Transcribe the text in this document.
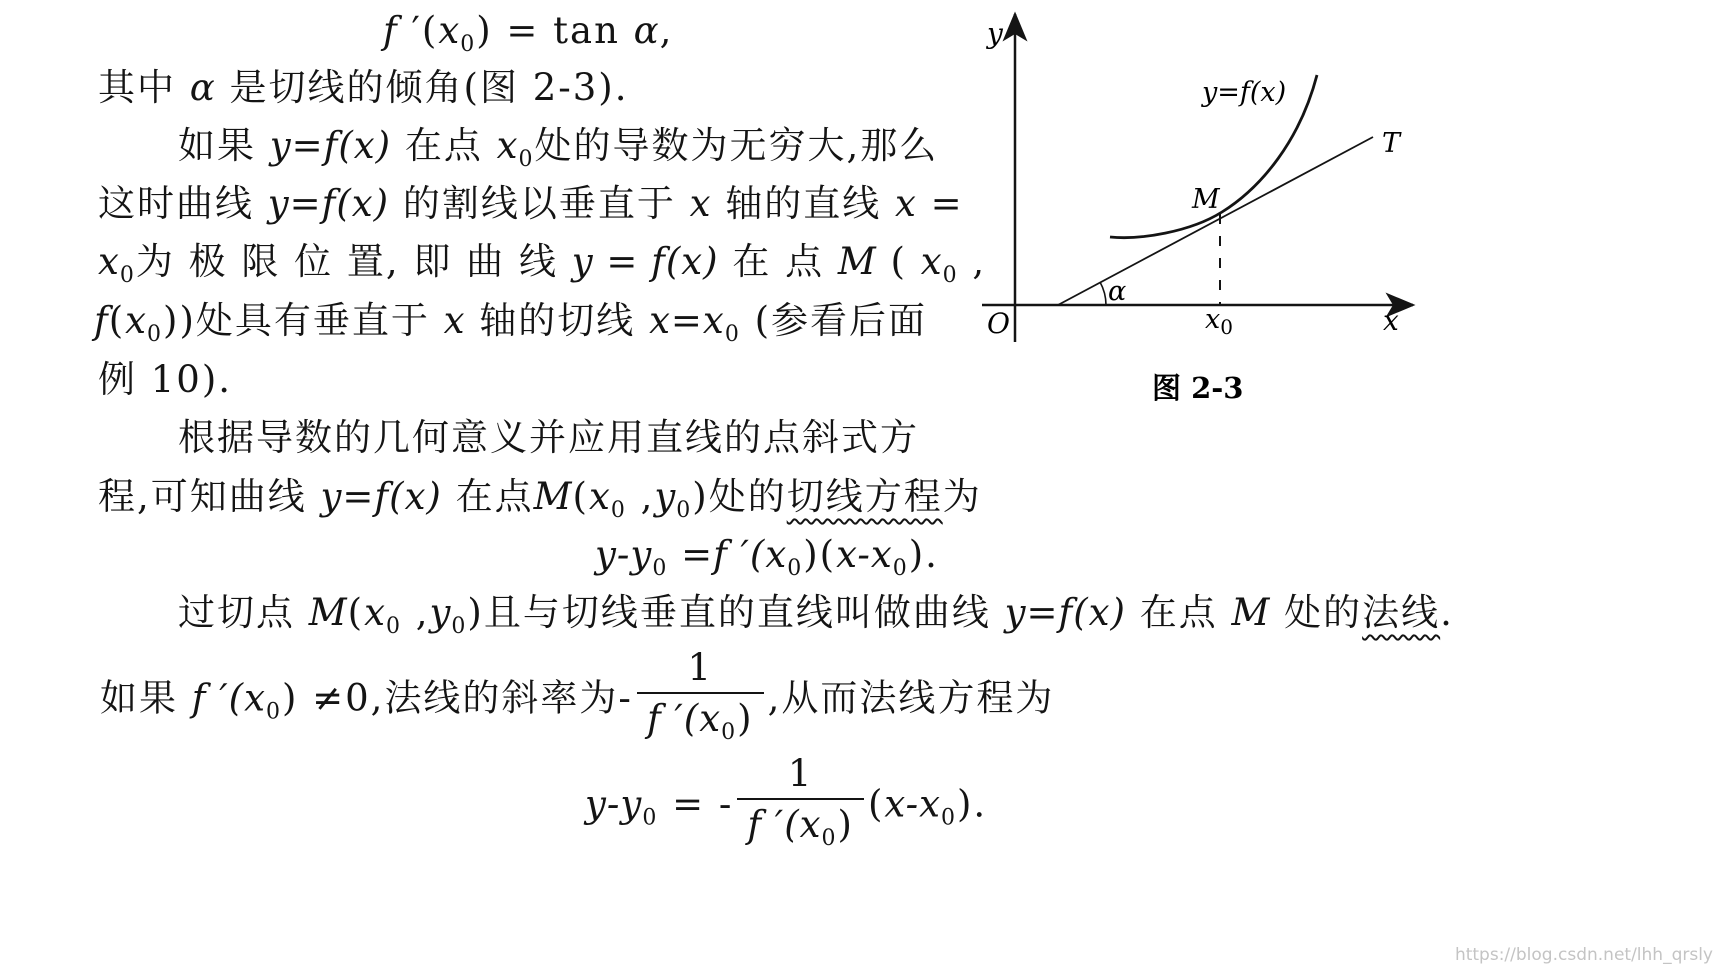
f $'(x_0) = \tan \alpha$,
其中 α 是切线的倾角(图 2-3).
如果 y=f(x) 在点 $x_0$处的导数为无穷大,那么
这时曲线 y=f(x) 的割线以垂直于 x 轴的直线 x =
$x_0$为 极 限 位 置, 即 曲 线 y = f(x) 在 点 M ( $x_0$ ,
$f(x_0)$)处具有垂直于 x 轴的切线 $x=x_0$ (参看后面
例 10).
根据导数的几何意义并应用直线的点斜式方
程,可知曲线 y=f(x) 在点$M(x_0$ $,y_0$)处的切线方程为
$y-y_0 =f$ $'(x_0)(x-x_0)$.
过切点 $M(x_0$ $,y_0$)且与切线垂直的直线叫做曲线 y=f(x) 在点 M 处的法线.
如果 f $'(x_0) \ne 0$,法线的斜率为- $\frac{1}{f '(x_0)}$ ,从而法线方程为
$y-y_0$ = - $\frac{1}{f '(x_0)} (x-x_0)$.
y
x
O
y=f(x)
T
M
α
$x_0$
图 2-3
https://blog.csdn.net/lhh_qrsly
